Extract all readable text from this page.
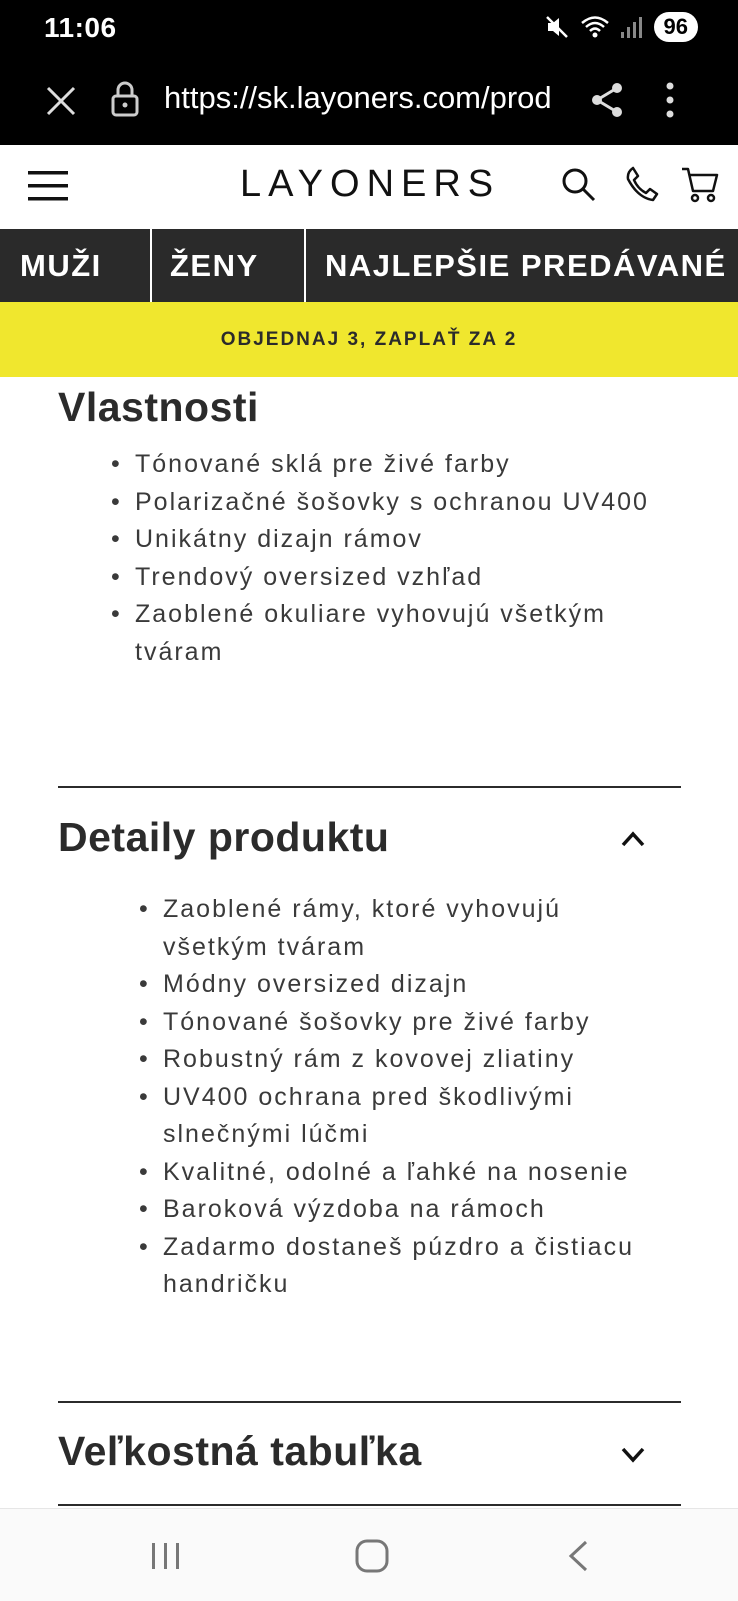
11:06	96
https://sk.layoners.com/prod
LAYONERS
MUŽI ŽENY NAJLEPŠIE PREDÁVANÉ
OBJEDNAJ 3, ZAPLAŤ ZA 2
Vlastnosti
• Tónované sklá pre živé farby
• Polarizačné šošovky s ochranou UV400
• Unikátny dizajn rámov
• Trendový oversized vzhľad
• Zaoblené okuliare vyhovujú všetkým tváram
Detaily produktu
• Zaoblené rámy, ktoré vyhovujú všetkým tváram
• Módny oversized dizajn
• Tónované šošovky pre živé farby
• Robustný rám z kovovej zliatiny
• UV400 ochrana pred škodlivými slnečnými lúčmi
• Kvalitné, odolné a ľahké na nosenie
• Baroková výzdoba na rámoch
• Zadarmo dostaneš púzdro a čistiacu handričku
Veľkostná tabuľka
